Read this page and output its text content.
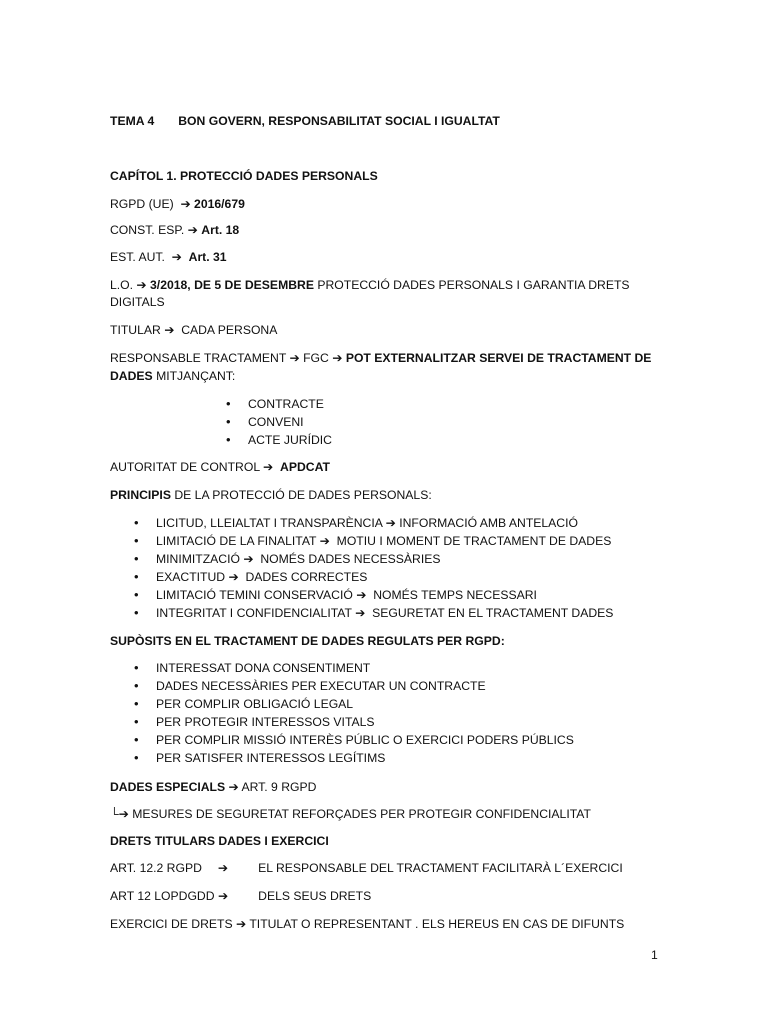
TEMA 4 BON GOVERN, RESPONSABILITAT SOCIAL I IGUALTAT
CAPÍTOL 1. PROTECCIÓ DADES PERSONALS
RGPD (UE) ➔ 2016/679
CONST. ESP. ➔ Art. 18
EST. AUT. ➔ Art. 31
L.O. ➔ 3/2018, DE 5 DE DESEMBRE PROTECCIÓ DADES PERSONALS I GARANTIA DRETS
DIGITALS
TITULAR ➔ CADA PERSONA
RESPONSABLE TRACTAMENT ➔ FGC ➔ POT EXTERNALITZAR SERVEI DE TRACTAMENT DE
DADES MITJANÇANT:
• CONTRACTE
• CONVENI
• ACTE JURÍDIC
AUTORITAT DE CONTROL ➔ APDCAT
PRINCIPIS DE LA PROTECCIÓ DE DADES PERSONALS:
• LICITUD, LLEIALTAT I TRANSPARÈNCIA ➔ INFORMACIÓ AMB ANTELACIÓ
• LIMITACIÓ DE LA FINALITAT ➔ MOTIU I MOMENT DE TRACTAMENT DE DADES
• MINIMITZACIÓ ➔ NOMÉS DADES NECESSÀRIES
• EXACTITUD ➔ DADES CORRECTES
• LIMITACIÓ TEMINI CONSERVACIÓ ➔ NOMÉS TEMPS NECESSARI
• INTEGRITAT I CONFIDENCIALITAT ➔ SEGURETAT EN EL TRACTAMENT DADES
SUPÒSITS EN EL TRACTAMENT DE DADES REGULATS PER RGPD:
• INTERESSAT DONA CONSENTIMENT
• DADES NECESSÀRIES PER EXECUTAR UN CONTRACTE
• PER COMPLIR OBLIGACIÓ LEGAL
• PER PROTEGIR INTERESSOS VITALS
• PER COMPLIR MISSIÓ INTERÈS PÚBLIC O EXERCICI PODERS PÚBLICS
• PER SATISFER INTERESSOS LEGÍTIMS
DADES ESPECIALS ➔ ART. 9 RGPD
└➔ MESURES DE SEGURETAT REFORÇADES PER PROTEGIR CONFIDENCIALITAT
DRETS TITULARS DADES I EXERCICI
ART. 12.2 RGPD ➔ EL RESPONSABLE DEL TRACTAMENT FACILITARÀ L´EXERCICI
ART 12 LOPDGDD ➔ DELS SEUS DRETS
EXERCICI DE DRETS ➔ TITULAT O REPRESENTANT . ELS HEREUS EN CAS DE DIFUNTS
1
